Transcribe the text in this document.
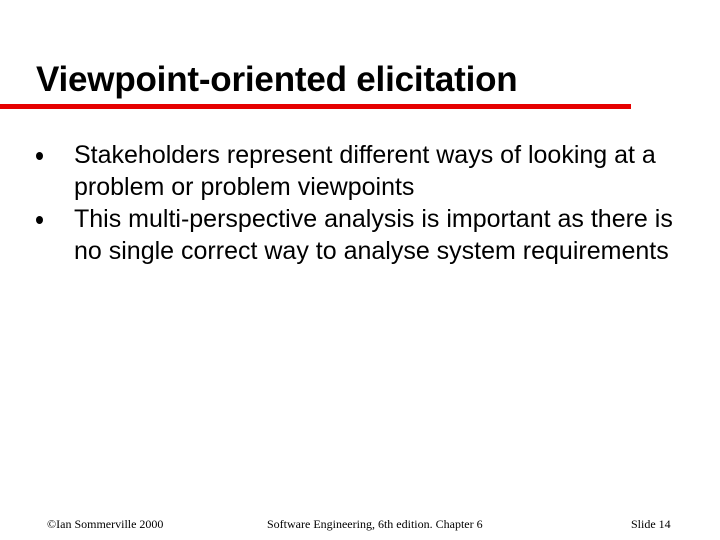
Viewpoint-oriented elicitation
Stakeholders represent different ways of looking at a problem or problem viewpoints
This multi-perspective analysis is important as there is no single correct way to analyse system requirements
©Ian Sommerville 2000	Software Engineering, 6th edition. Chapter 6	Slide 14
